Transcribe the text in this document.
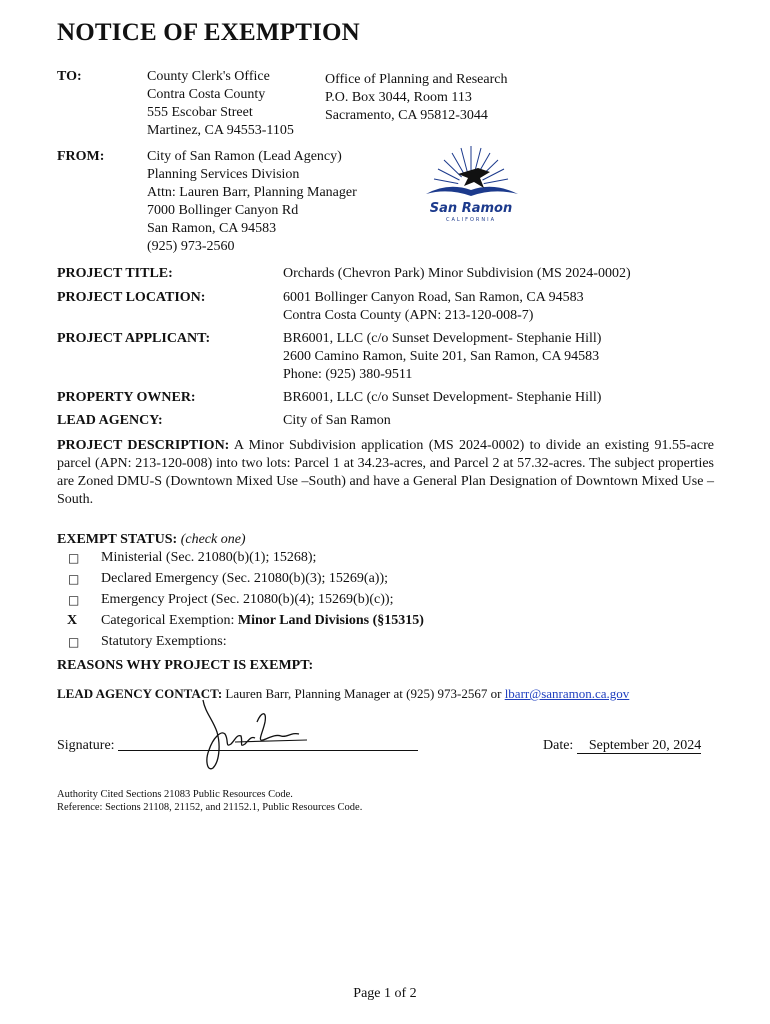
NOTICE OF EXEMPTION
TO:	County Clerk's Office
Contra Costa County
555 Escobar Street
Martinez, CA 94553-1105
Office of Planning and Research
P.O. Box 3044, Room 113
Sacramento, CA 95812-3044
FROM:	City of San Ramon (Lead Agency)
Planning Services Division
Attn: Lauren Barr, Planning Manager
7000 Bollinger Canyon Rd
San Ramon, CA 94583
(925) 973-2560
San Ramon
CALIFORNIA
PROJECT TITLE:	Orchards (Chevron Park) Minor Subdivision (MS 2024-0002)
PROJECT LOCATION:	6001 Bollinger Canyon Road, San Ramon, CA 94583
Contra Costa County (APN: 213-120-008-7)
PROJECT APPLICANT:	BR6001, LLC (c/o Sunset Development- Stephanie Hill)
2600 Camino Ramon, Suite 201, San Ramon, CA 94583
Phone: (925) 380-9511
PROPERTY OWNER:	BR6001, LLC (c/o Sunset Development- Stephanie Hill)
LEAD AGENCY:	City of San Ramon
PROJECT DESCRIPTION: A Minor Subdivision application (MS 2024-0002) to divide an existing 91.55-acre parcel (APN: 213-120-008) into two lots: Parcel 1 at 34.23-acres, and Parcel 2 at 57.32-acres. The subject properties are Zoned DMU-S (Downtown Mixed Use –South) and have a General Plan Designation of Downtown Mixed Use – South.
EXEMPT STATUS: (check one)
□ Ministerial (Sec. 21080(b)(1); 15268);
□ Declared Emergency (Sec. 21080(b)(3); 15269(a));
□ Emergency Project (Sec. 21080(b)(4); 15269(b)(c));
X Categorical Exemption: Minor Land Divisions (§15315)
□ Statutory Exemptions:
REASONS WHY PROJECT IS EXEMPT:
LEAD AGENCY CONTACT: Lauren Barr, Planning Manager at (925) 973-2567 or lbarr@sanramon.ca.gov
Signature:	Date: September 20, 2024
Authority Cited Sections 21083 Public Resources Code.
Reference: Sections 21108, 21152, and 21152.1, Public Resources Code.
Page 1 of 2
